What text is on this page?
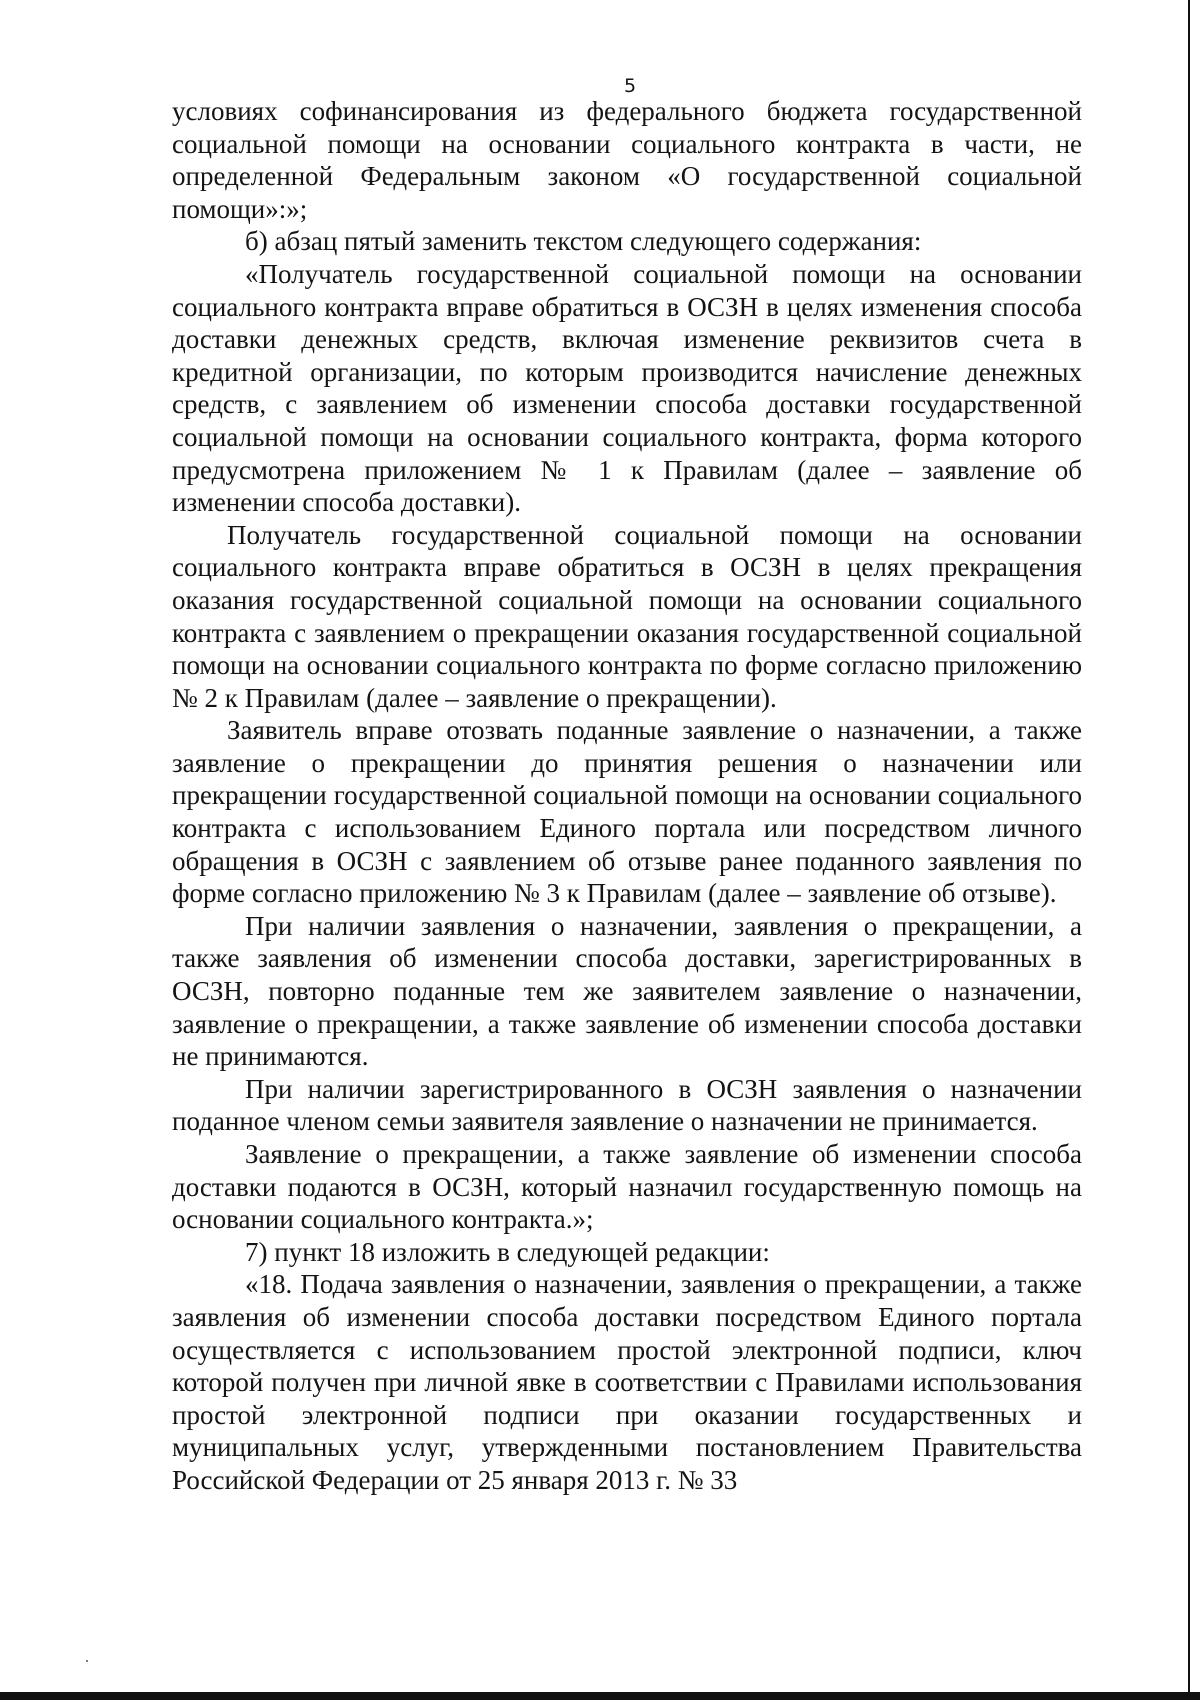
5

условиях софинансирования из федерального бюджета государственной социальной помощи на основании социального контракта в части, не определенной Федеральным законом «О государственной социальной помощи»:»;

б) абзац пятый заменить текстом следующего содержания:

«Получатель государственной социальной помощи на основании социального контракта вправе обратиться в ОСЗН в целях изменения способа доставки денежных средств, включая изменение реквизитов счета в кредитной организации, по которым производится начисление денежных средств, с заявлением об изменении способа доставки государственной социальной помощи на основании социального контракта, форма которого предусмотрена приложением № 1 к Правилам (далее – заявление об изменении способа доставки).

Получатель государственной социальной помощи на основании социального контракта вправе обратиться в ОСЗН в целях прекращения оказания государственной социальной помощи на основании социального контракта с заявлением о прекращении оказания государственной социальной помощи на основании социального контракта по форме согласно приложению № 2 к Правилам (далее – заявление о прекращении).

Заявитель вправе отозвать поданные заявление о назначении, а также заявление о прекращении до принятия решения о назначении или прекращении государственной социальной помощи на основании социального контракта с использованием Единого портала или посредством личного обращения в ОСЗН с заявлением об отзыве ранее поданного заявления по форме согласно приложению № 3 к Правилам (далее – заявление об отзыве).

При наличии заявления о назначении, заявления о прекращении, а также заявления об изменении способа доставки, зарегистрированных в ОСЗН, повторно поданные тем же заявителем заявление о назначении, заявление о прекращении, а также заявление об изменении способа доставки не принимаются.

При наличии зарегистрированного в ОСЗН заявления о назначении поданное членом семьи заявителя заявление о назначении не принимается.

Заявление о прекращении, а также заявление об изменении способа доставки подаются в ОСЗН, который назначил государственную помощь на основании социального контракта.»;

7) пункт 18 изложить в следующей редакции:

«18. Подача заявления о назначении, заявления о прекращении, а также заявления об изменении способа доставки посредством Единого портала осуществляется с использованием простой электронной подписи, ключ которой получен при личной явке в соответствии с Правилами использования простой электронной подписи при оказании государственных и муниципальных услуг, утвержденными постановлением Правительства Российской Федерации от 25 января 2013 г. № 33
